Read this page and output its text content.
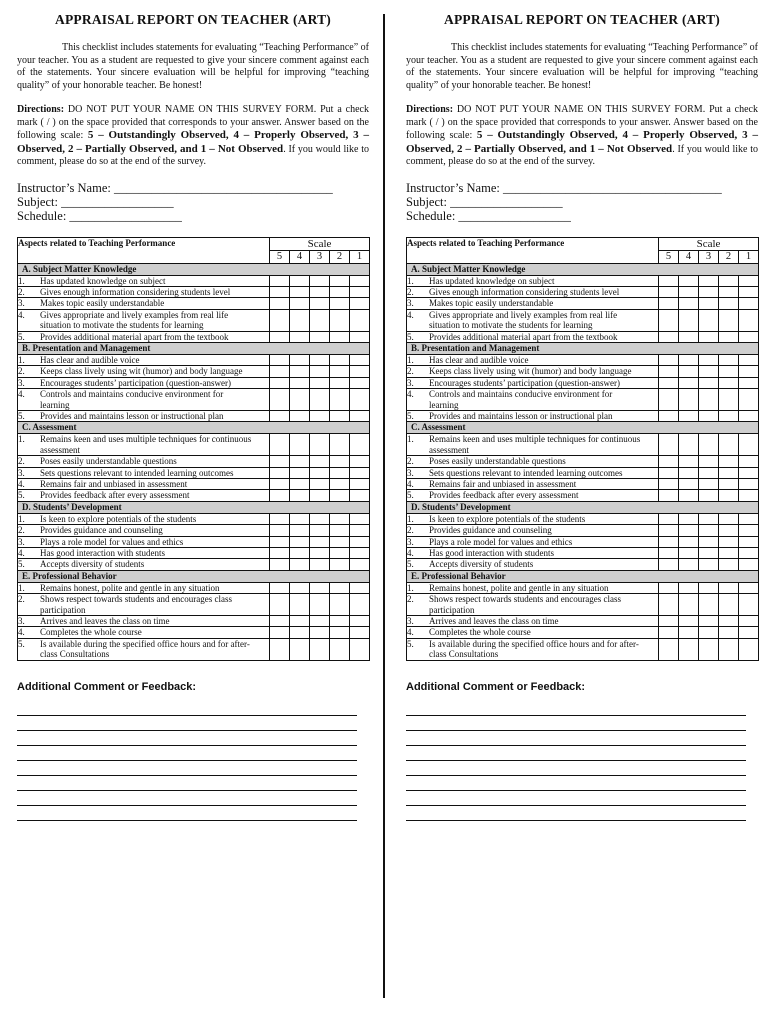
APPRAISAL REPORT ON TEACHER (ART)

This checklist includes statements for evaluating “Teaching Performance” of your teacher. You as a student are requested to give your sincere comment against each of the statements. Your sincere evaluation will be helpful for improving “teaching quality” of your honorable teacher. Be honest!

Directions: DO NOT PUT YOUR NAME ON THIS SURVEY FORM. Put a check mark ( / ) on the space provided that corresponds to your answer. Answer based on the following scale: 5 – Outstandingly Observed, 4 – Properly Observed, 3 – Observed, 2 – Partially Observed, and 1 – Not Observed. If you would like to comment, please do so at the end of the survey.

Instructor’s Name: ___________________________________
Subject: __________________
Schedule: __________________
Aspects related to Teaching Performance	Scale				
	5	4	3	2	1
A. Subject Matter Knowledge					
1. Has updated knowledge on subject					
2. Gives enough information considering students level					
3. Makes topic easily understandable					
4. Gives appropriate and lively examples from real life situation to motivate the students for learning					
5. Provides additional material apart from the textbook					
B. Presentation and Management					
1. Has clear and audible voice					
2. Keeps class lively using wit (humor) and body language					
3. Encourages students’ participation (question-answer)					
4. Controls and maintains conducive environment for learning					
5. Provides and maintains lesson or instructional plan					
C. Assessment					
1. Remains keen and uses multiple techniques for continuous assessment					
2. Poses easily understandable questions					
3. Sets questions relevant to intended learning outcomes					
4. Remains fair and unbiased in assessment					
5. Provides feedback after every assessment					
D. Students’ Development					
1. Is keen to explore potentials of the students					
2. Provides guidance and counseling					
3. Plays a role model for values and ethics					
4. Has good interaction with students					
5. Accepts diversity of students					
E. Professional Behavior					
1. Remains honest, polite and gentle in any situation					
2. Shows respect towards students and encourages class participation					
3. Arrives and leaves the class on time					
4. Completes the whole course					
5. Is available during the specified office hours and for after-class Consultations					
Additional Comment or Feedback:
APPRAISAL REPORT ON TEACHER (ART)

This checklist includes statements for evaluating “Teaching Performance” of your teacher. You as a student are requested to give your sincere comment against each of the statements. Your sincere evaluation will be helpful for improving “teaching quality” of your honorable teacher. Be honest!

Directions: DO NOT PUT YOUR NAME ON THIS SURVEY FORM. Put a check mark ( / ) on the space provided that corresponds to your answer. Answer based on the following scale: 5 – Outstandingly Observed, 4 – Properly Observed, 3 – Observed, 2 – Partially Observed, and 1 – Not Observed. If you would like to comment, please do so at the end of the survey.

Instructor’s Name: ___________________________________
Subject: __________________
Schedule: __________________
Aspects related to Teaching Performance	Scale				
	5	4	3	2	1
A. Subject Matter Knowledge					
1. Has updated knowledge on subject					
2. Gives enough information considering students level					
3. Makes topic easily understandable					
4. Gives appropriate and lively examples from real life situation to motivate the students for learning					
5. Provides additional material apart from the textbook					
B. Presentation and Management					
1. Has clear and audible voice					
2. Keeps class lively using wit (humor) and body language					
3. Encourages students’ participation (question-answer)					
4. Controls and maintains conducive environment for learning					
5. Provides and maintains lesson or instructional plan					
C. Assessment					
1. Remains keen and uses multiple techniques for continuous assessment					
2. Poses easily understandable questions					
3. Sets questions relevant to intended learning outcomes					
4. Remains fair and unbiased in assessment					
5. Provides feedback after every assessment					
D. Students’ Development					
1. Is keen to explore potentials of the students					
2. Provides guidance and counseling					
3. Plays a role model for values and ethics					
4. Has good interaction with students					
5. Accepts diversity of students					
E. Professional Behavior					
1. Remains honest, polite and gentle in any situation					
2. Shows respect towards students and encourages class participation					
3. Arrives and leaves the class on time					
4. Completes the whole course					
5. Is available during the specified office hours and for after-class Consultations					
Additional Comment or Feedback:
